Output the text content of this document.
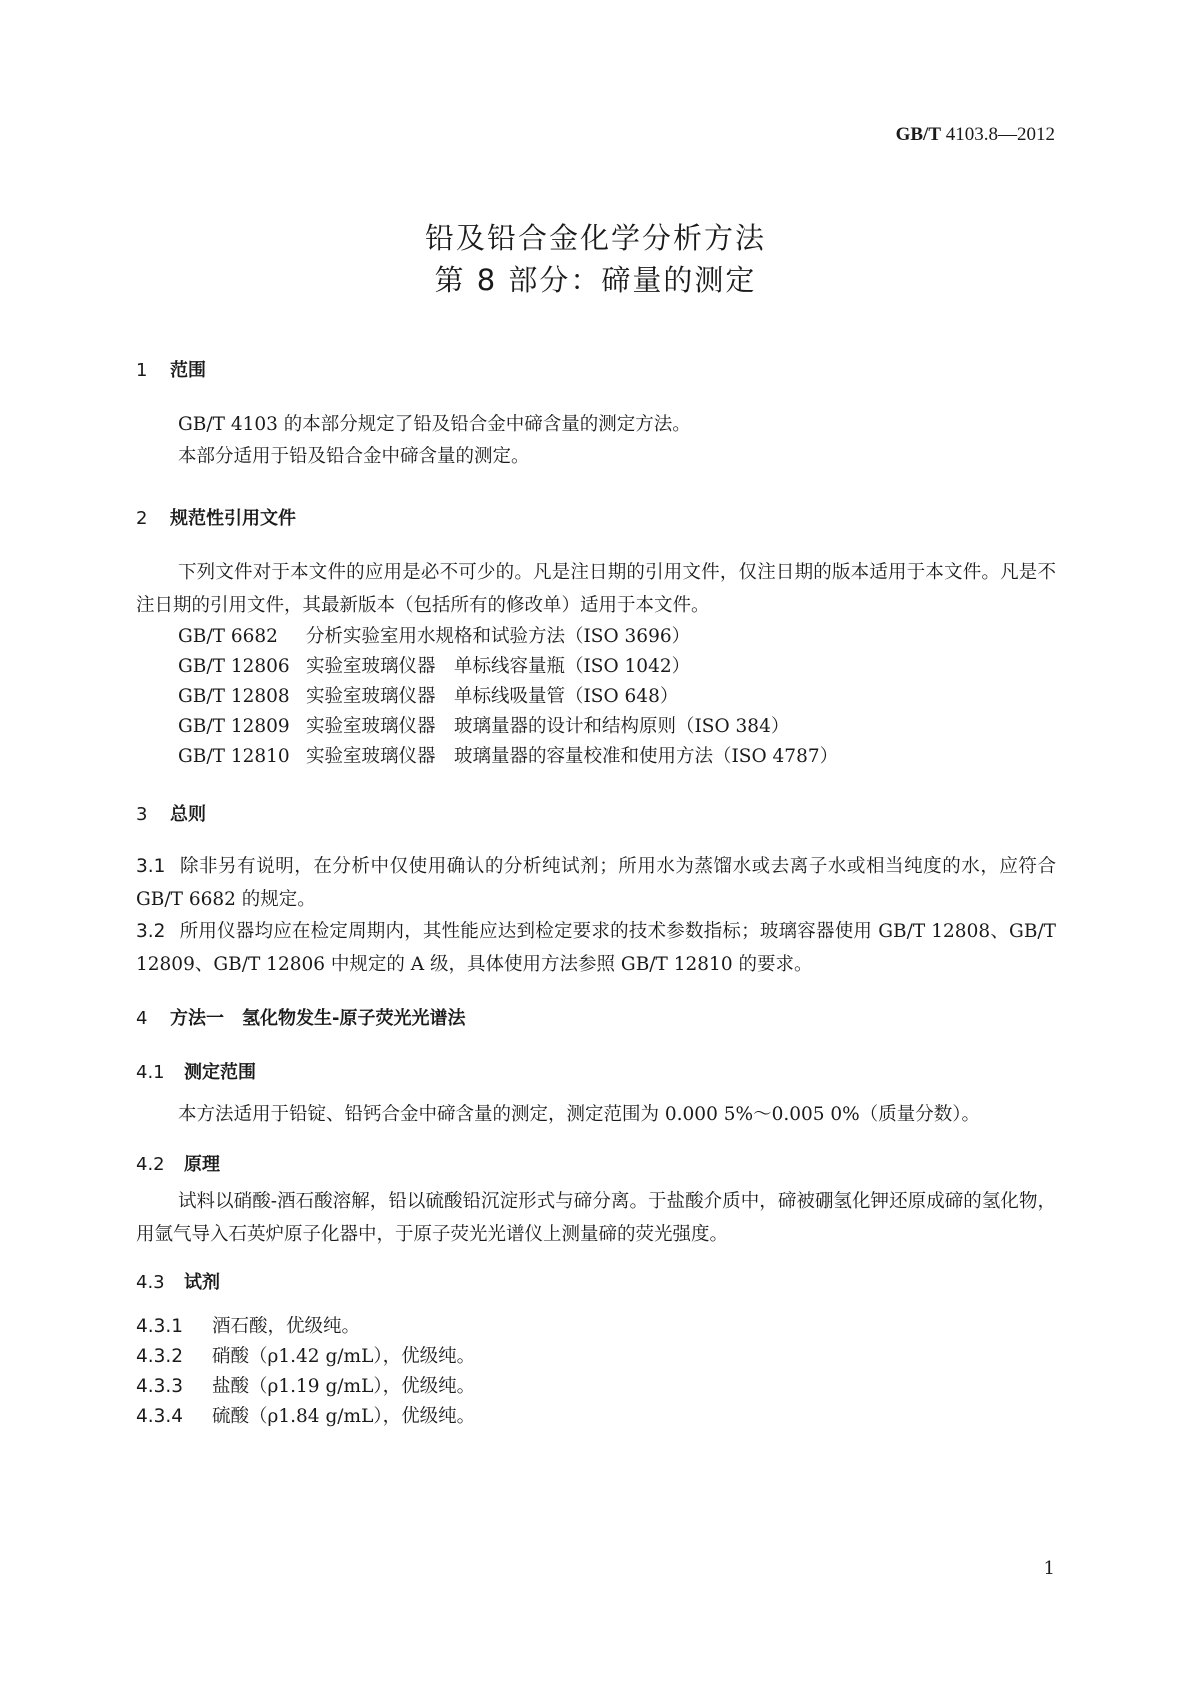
GB/T 4103.8—2012
铅及铅合金化学分析方法
第 8 部分：碲量的测定
1 范围
GB/T 4103 的本部分规定了铅及铅合金中碲含量的测定方法。
本部分适用于铅及铅合金中碲含量的测定。
2 规范性引用文件
下列文件对于本文件的应用是必不可少的。凡是注日期的引用文件，仅注日期的版本适用于本文件。凡是不注日期的引用文件，其最新版本（包括所有的修改单）适用于本文件。
GB/T 6682 分析实验室用水规格和试验方法（ISO 3696）
GB/T 12806 实验室玻璃仪器　单标线容量瓶（ISO 1042）
GB/T 12808 实验室玻璃仪器　单标线吸量管（ISO 648）
GB/T 12809 实验室玻璃仪器　玻璃量器的设计和结构原则（ISO 384）
GB/T 12810 实验室玻璃仪器　玻璃量器的容量校准和使用方法（ISO 4787）
3 总则
3.1 除非另有说明，在分析中仅使用确认的分析纯试剂；所用水为蒸馏水或去离子水或相当纯度的水，应符合 GB/T 6682 的规定。
3.2 所用仪器均应在检定周期内，其性能应达到检定要求的技术参数指标；玻璃容器使用 GB/T 12808、GB/T 12809、GB/T 12806 中规定的 A 级，具体使用方法参照 GB/T 12810 的要求。
4 方法一　氢化物发生-原子荧光光谱法
4.1 测定范围
本方法适用于铅锭、铅钙合金中碲含量的测定，测定范围为 0.000 5%～0.005 0%（质量分数）。
4.2 原理
试料以硝酸-酒石酸溶解，铅以硫酸铅沉淀形式与碲分离。于盐酸介质中，碲被硼氢化钾还原成碲的氢化物，用氩气导入石英炉原子化器中，于原子荧光光谱仪上测量碲的荧光强度。
4.3 试剂
4.3.1 酒石酸，优级纯。
4.3.2 硝酸（ρ1.42 g/mL），优级纯。
4.3.3 盐酸（ρ1.19 g/mL），优级纯。
4.3.4 硫酸（ρ1.84 g/mL），优级纯。
1
